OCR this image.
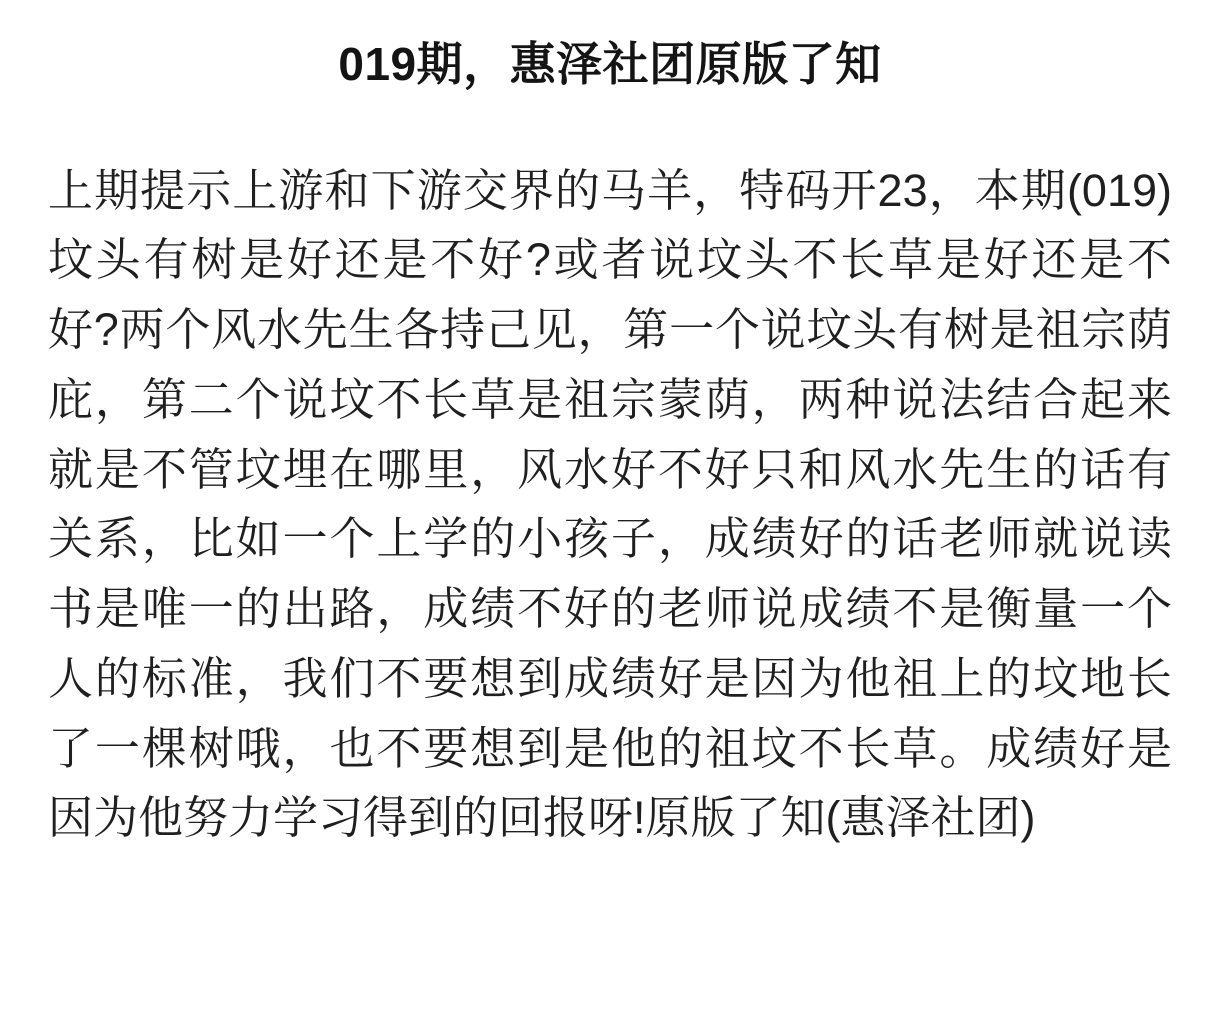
019期，惠泽社团原版了知

上期提示上游和下游交界的马羊，特码开23，本期(019)坟头有树是好还是不好?或者说坟头不长草是好还是不好?两个风水先生各持己见，第一个说坟头有树是祖宗荫庇，第二个说坟不长草是祖宗蒙荫，两种说法结合起来就是不管坟埋在哪里，风水好不好只和风水先生的话有关系，比如一个上学的小孩子，成绩好的话老师就说读书是唯一的出路，成绩不好的老师说成绩不是衡量一个人的标准，我们不要想到成绩好是因为他祖上的坟地长了一棵树哦，也不要想到是他的祖坟不长草。成绩好是因为他努力学习得到的回报呀!原版了知(惠泽社团)
